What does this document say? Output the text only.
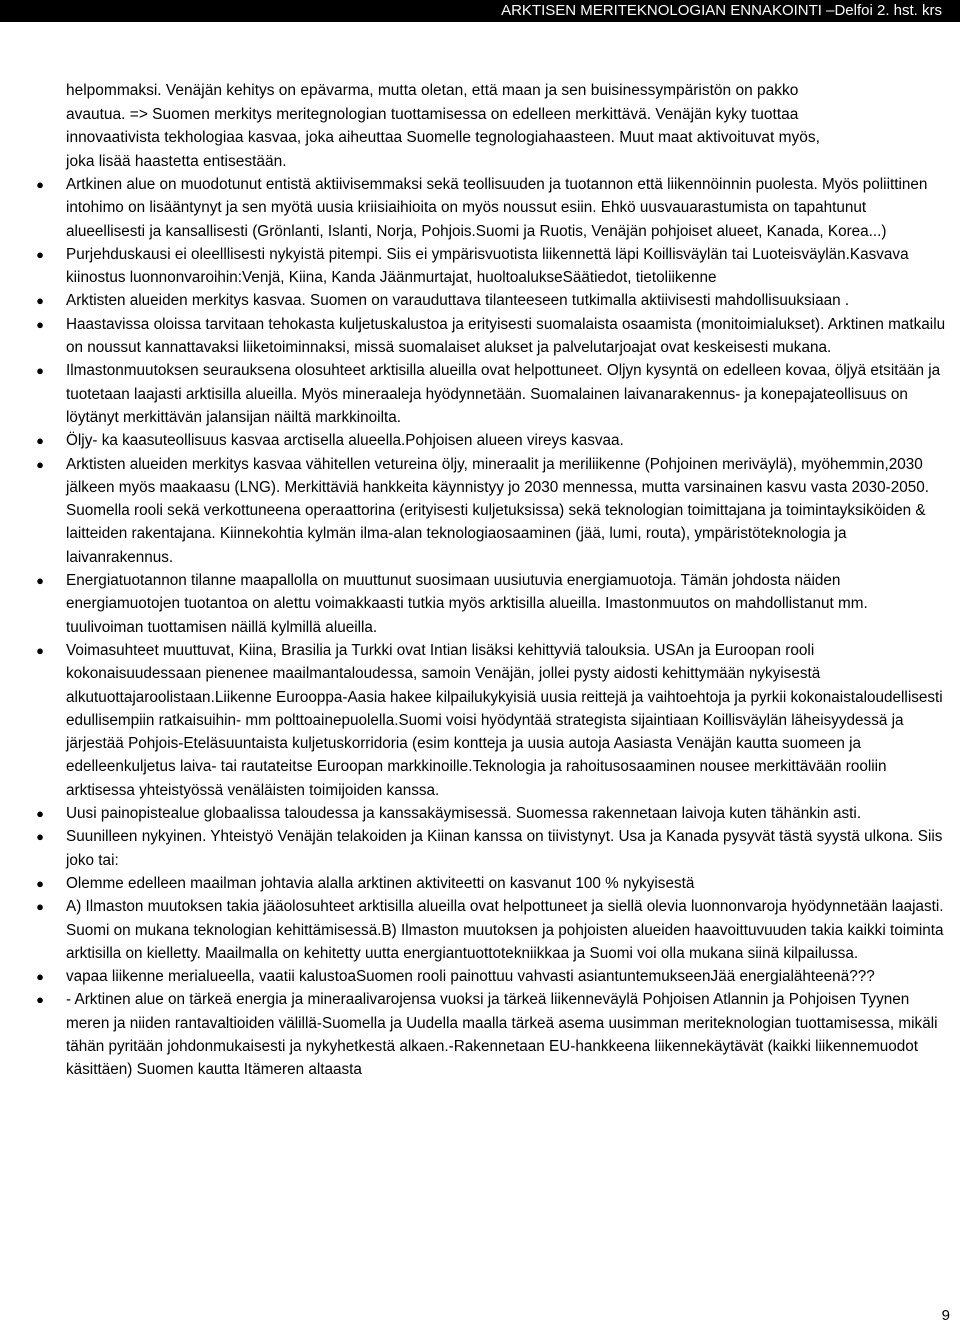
ARKTISEN MERITEKNOLOGIAN ENNAKOINTI –Delfoi 2. hst. krs
helpommaksi. Venäjän kehitys on epävarma, mutta oletan, että maan ja sen buisinessympäristön on pakko
avautua. => Suomen merkitys meritegnologian tuottamisessa on edelleen merkittävä. Venäjän kyky tuottaa
innovaativista tekhologiaa kasvaa, joka aiheuttaa Suomelle tegnologiahaasteen. Muut maat aktivoituvat myös,
joka lisää haastetta entisestään.
● Artkinen alue on muodotunut entistä aktiivisemmaksi sekä teollisuuden ja tuotannon että liikennöinnin puolesta. Myös poliittinen intohimo on lisääntynyt ja sen myötä uusia kriisiaihioita on myös noussut esiin. Ehkö uusvauarastumista on tapahtunut alueellisesti ja kansallisesti (Grönlanti, Islanti, Norja, Pohjois.Suomi ja Ruotis, Venäjän pohjoiset alueet, Kanada, Korea...)
● Purjehduskausi ei oleelllisesti nykyistä pitempi. Siis ei ympärisvuotista liikennettä läpi Koillisväylän tai Luoteisväylän.Kasvava kiinostus luonnonvaroihin:Venjä, Kiina, Kanda Jäänmurtajat, huoltoalukseSäätiedot, tietoliikenne
● Arktisten alueiden merkitys kasvaa. Suomen on varauduttava tilanteeseen tutkimalla aktiivisesti mahdollisuuksiaan .
● Haastavissa oloissa tarvitaan tehokasta kuljetuskalustoa ja erityisesti suomalaista osaamista (monitoimialukset). Arktinen matkailu on noussut kannattavaksi liiketoiminnaksi, missä suomalaiset alukset ja palvelutarjoajat ovat keskeisesti mukana.
● Ilmastonmuutoksen seurauksena olosuhteet arktisilla alueilla ovat helpottuneet. Oljyn kysyntä on edelleen kovaa, öljyä etsitään ja tuotetaan laajasti arktisilla alueilla. Myös mineraaleja hyödynnetään. Suomalainen laivanarakennus- ja konepajateollisuus on löytänyt merkittävän jalansijan näiltä markkinoilta.
● Öljy- ka kaasuteollisuus kasvaa arctisella alueella.Pohjoisen alueen vireys kasvaa.
● Arktisten alueiden merkitys kasvaa vähitellen vetureina öljy, mineraalit ja meriliikenne (Pohjoinen meriväylä), myöhemmin,2030 jälkeen myös maakaasu (LNG). Merkittäviä hankkeita käynnistyy jo 2030 mennessa, mutta varsinainen kasvu vasta 2030-2050. Suomella rooli sekä verkottuneena operaattorina (erityisesti kuljetuksissa) sekä teknologian toimittajana ja toimintayksiköiden & laitteiden rakentajana. Kiinnekohtia kylmän ilma-alan teknologiaosaaminen (jää, lumi, routa), ympäristöteknologia ja laivanrakennus.
● Energiatuotannon tilanne maapallolla on muuttunut suosimaan uusiutuvia energiamuotoja. Tämän johdosta näiden energiamuotojen tuotantoa on alettu voimakkaasti tutkia myös arktisilla alueilla. Imastonmuutos on mahdollistanut mm. tuulivoiman tuottamisen näillä kylmillä alueilla.
● Voimasuhteet muuttuvat, Kiina, Brasilia ja Turkki ovat Intian lisäksi kehittyviä talouksia. USAn ja Euroopan rooli kokonaisuudessaan pienenee maailmantaloudessa, samoin Venäjän, jollei pysty aidosti kehittymään nykyisestä alkutuottajaroolistaan.Liikenne Eurooppa-Aasia hakee kilpailukykyisiä uusia reittejä ja vaihtoehtoja ja pyrkii kokonaistaloudellisesti edullisempiin ratkaisuihin- mm polttoainepuolella.Suomi voisi hyödyntää strategista sijaintiaan Koillisväylän läheisyydessä ja järjestää Pohjois-Eteläsuuntaista kuljetuskorridoria (esim kontteja ja uusia autoja Aasiasta Venäjän kautta suomeen ja edelleenkuljetus laiva- tai rautateitse Euroopan markkinoille.Teknologia ja rahoitusosaaminen nousee merkittävään rooliin arktisessa yhteistyössä venäläisten toimijoiden kanssa.
● Uusi painopistealue globaalissa taloudessa ja kanssakäymisessä. Suomessa rakennetaan laivoja kuten tähänkin asti.
● Suunilleen nykyinen. Yhteistyö Venäjän telakoiden ja Kiinan kanssa on tiivistynyt. Usa ja Kanada pysyvät tästä syystä ulkona. Siis joko tai:
● Olemme edelleen maailman johtavia alalla arktinen aktiviteetti on kasvanut 100 % nykyisestä
● A) Ilmaston muutoksen takia jääolosuhteet arktisilla alueilla ovat helpottuneet ja siellä olevia luonnonvaroja hyödynnetään laajasti. Suomi on mukana teknologian kehittämisessä.B) Ilmaston muutoksen ja pohjoisten alueiden haavoittuvuuden takia kaikki toiminta arktisilla on kielletty. Maailmalla on kehitetty uutta energiantuottotekniikkaa ja Suomi voi olla mukana siinä kilpailussa.
● vapaa liikenne merialueella, vaatii kalustoaSuomen rooli painottuu vahvasti asiantuntemukseenJää energialähteenä???
● - Arktinen alue on tärkeä energia ja mineraalivarojensa vuoksi ja tärkeä liikenneväylä Pohjoisen Atlannin ja Pohjoisen Tyynen meren ja niiden rantavaltioiden välillä-Suomella ja Uudella maalla tärkeä asema uusimman meriteknologian tuottamisessa, mikäli tähän pyritään johdonmukaisesti ja nykyhetkestä alkaen.-Rakennetaan EU-hankkeena liikennekäytävät (kaikki liikennemuodot käsittäen) Suomen kautta Itämeren altaasta
9
